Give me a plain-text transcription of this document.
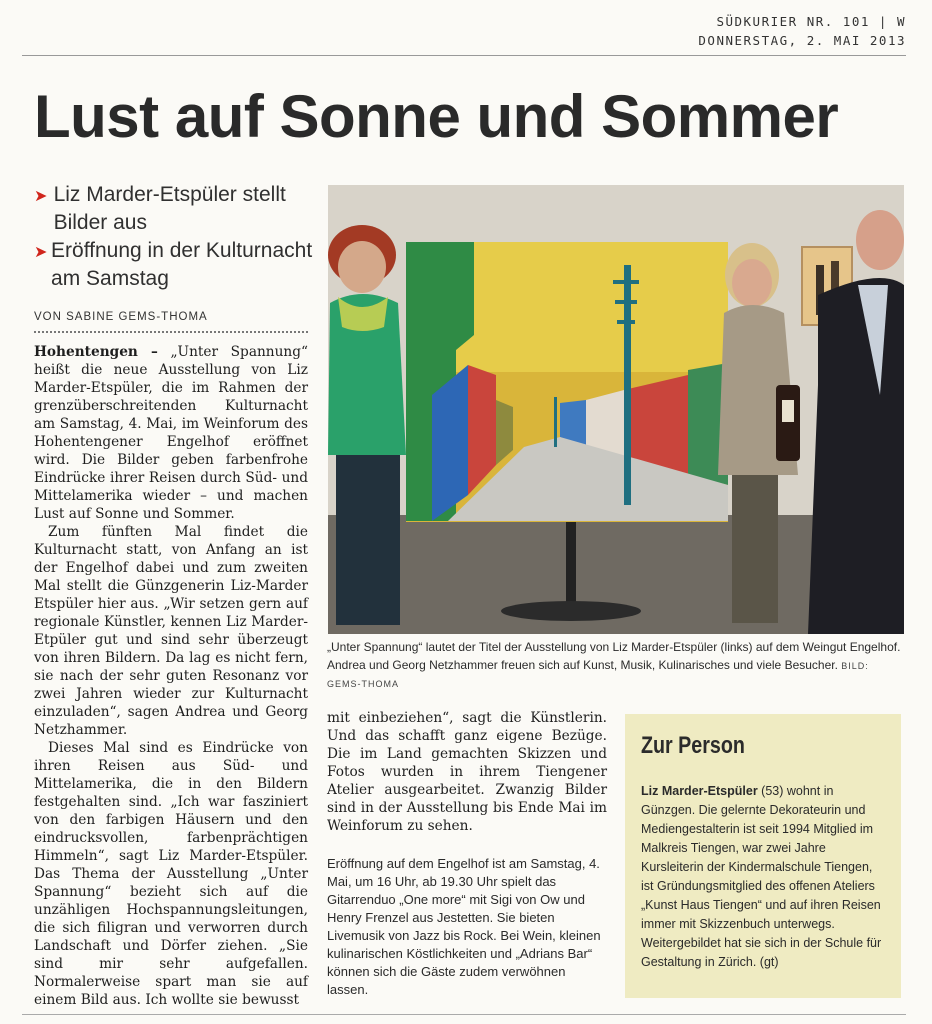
SÜDKURIER NR. 101 | W
DONNERSTAG, 2. MAI 2013
Lust auf Sonne und Sommer
➤ Liz Marder-Etspüler stellt Bilder aus
➤ Eröffnung in der Kulturnacht am Samstag
VON SABINE GEMS-THOMA

Hohentengen – „Unter Spannung“ heißt die neue Ausstellung von Liz Marder-Etspüler, die im Rahmen der grenzüberschreitenden Kulturnacht am Samstag, 4. Mai, im Weinforum des Hohentengener Engelhof eröffnet wird. Die Bilder geben farbenfrohe Eindrücke ihrer Reisen durch Süd- und Mittelamerika wieder – und machen Lust auf Sonne und Sommer.

Zum fünften Mal findet die Kulturnacht statt, von Anfang an ist der Engelhof dabei und zum zweiten Mal stellt die Günzgenerin Liz-Marder Etspüler hier aus. „Wir setzen gern auf regionale Künstler, kennen Liz Marder-Etpüler gut und sind sehr überzeugt von ihren Bildern. Da lag es nicht fern, sie nach der sehr guten Resonanz vor zwei Jahren wieder zur Kulturnacht einzuladen“, sagen Andrea und Georg Netzhammer.

Dieses Mal sind es Eindrücke von ihren Reisen aus Süd- und Mittelamerika, die in den Bildern festgehalten sind. „Ich war fasziniert von den farbigen Häusern und den eindrucksvollen, farbenprächtigen Himmeln“, sagt Liz Marder-Etspüler. Das Thema der Ausstellung „Unter Spannung“ bezieht sich auf die unzähligen Hochspannungsleitungen, die sich filigran und verworren durch Landschaft und Dörfer ziehen. „Sie sind mir sehr aufgefallen. Normalerweise spart man sie auf einem Bild aus. Ich wollte sie bewusst

„Unter Spannung“ lautet der Titel der Ausstellung von Liz Marder-Etspüler (links) auf dem Weingut Engelhof. Andrea und Georg Netzhammer freuen sich auf Kunst, Musik, Kulinarisches und viele Besucher. BILD: GEMS-THOMA

mit einbeziehen“, sagt die Künstlerin. Und das schafft ganz eigene Bezüge. Die im Land gemachten Skizzen und Fotos wurden in ihrem Tiengener Atelier ausgearbeitet. Zwanzig Bilder sind in der Ausstellung bis Ende Mai im Weinforum zu sehen.

Eröffnung auf dem Engelhof ist am Samstag, 4. Mai, um 16 Uhr, ab 19.30 Uhr spielt das Gitarrenduo „One more“ mit Sigi von Ow und Henry Frenzel aus Jestetten. Sie bieten Livemusik von Jazz bis Rock. Bei Wein, kleinen kulinarischen Köstlichkeiten und „Adrians Bar“ können sich die Gäste zudem verwöhnen lassen.
Zur Person
Liz Marder-Etspüler (53) wohnt in Günzgen. Die gelernte Dekorateurin und Mediengestalterin ist seit 1994 Mitglied im Malkreis Tiengen, war zwei Jahre Kursleiterin der Kindermalschule Tiengen, ist Gründungsmitglied des offenen Ateliers „Kunst Haus Tiengen“ und auf ihren Reisen immer mit Skizzenbuch unterwegs. Weitergebildet hat sie sich in der Schule für Gestaltung in Zürich. (gt)
